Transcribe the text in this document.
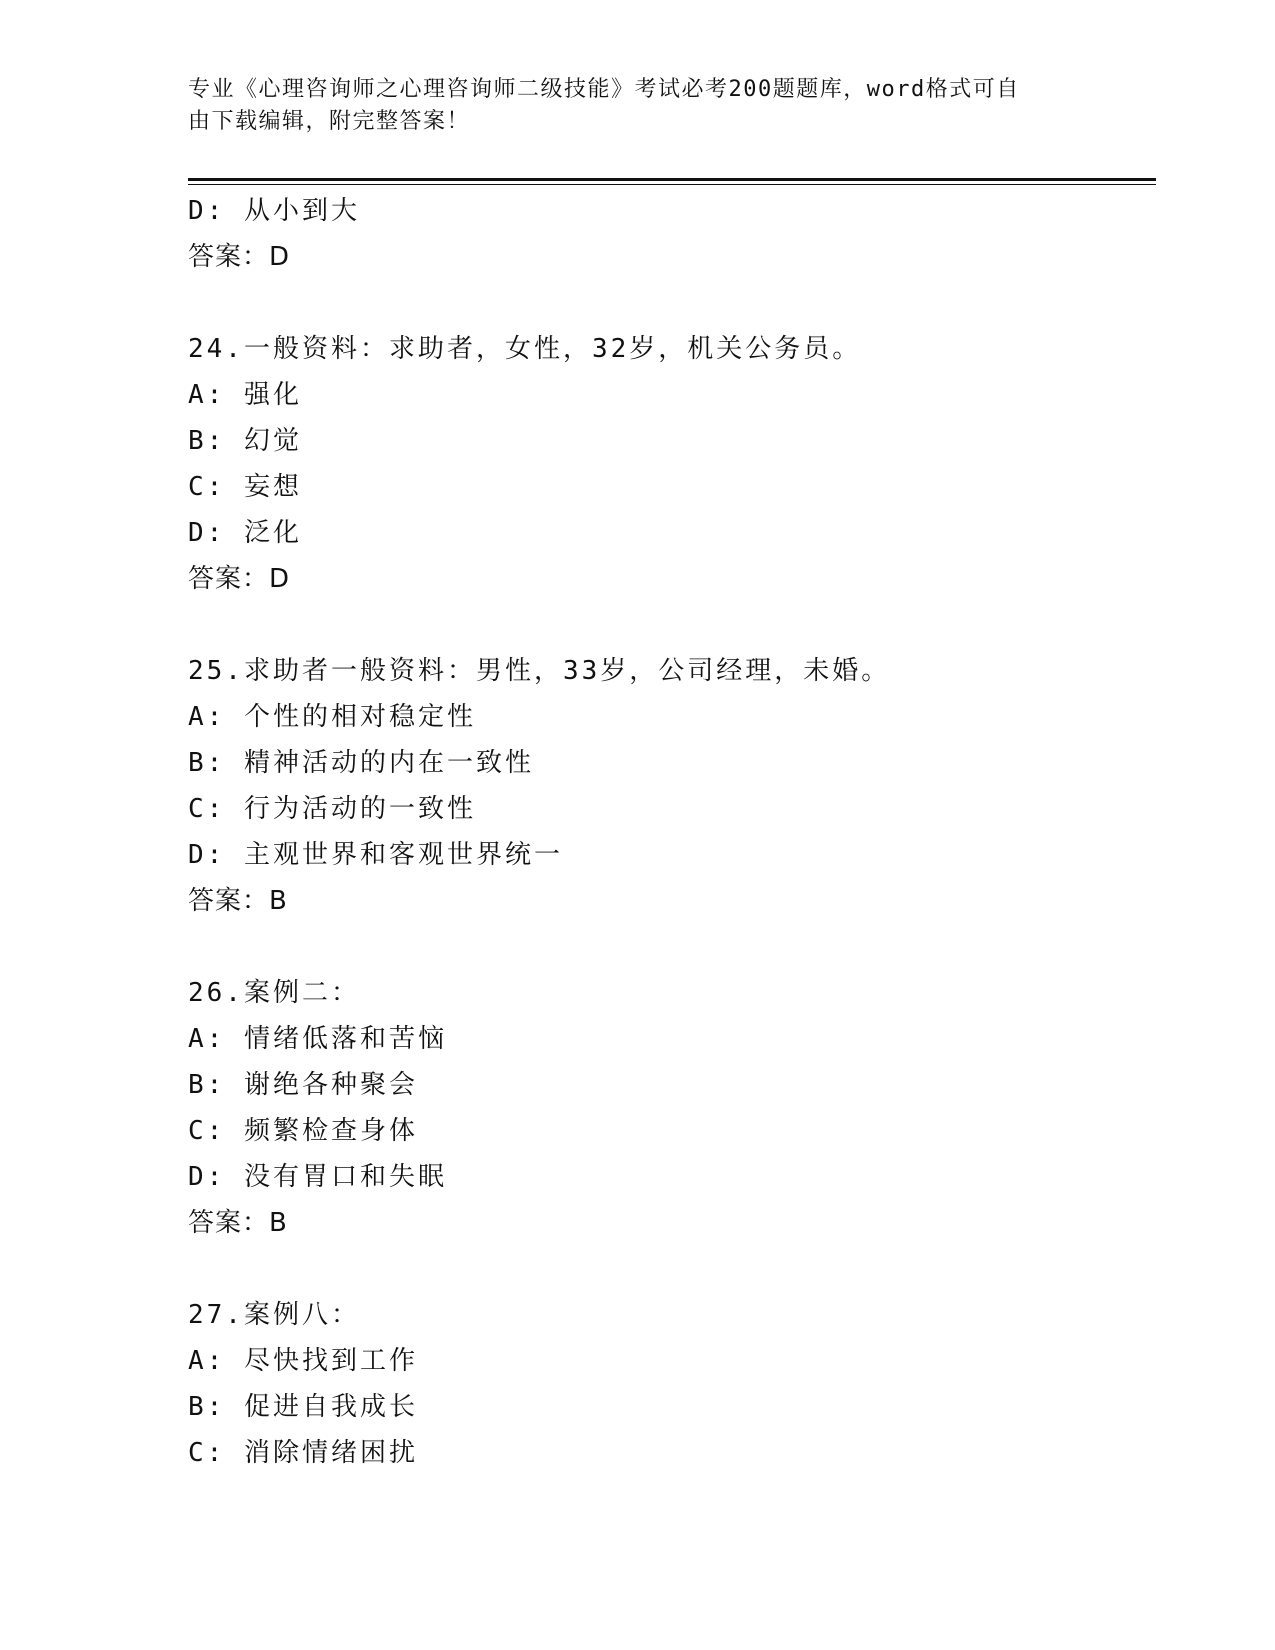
专业《心理咨询师之心理咨询师二级技能》考试必考200题题库，word格式可自
由下载编辑，附完整答案！
D: 从小到大
答案：D
24.一般资料：求助者，女性，32岁，机关公务员。
A: 强化
B: 幻觉
C: 妄想
D: 泛化
答案：D
25.求助者一般资料：男性，33岁，公司经理，未婚。
A: 个性的相对稳定性
B: 精神活动的内在一致性
C: 行为活动的一致性
D: 主观世界和客观世界统一
答案：B
26.案例二：
A: 情绪低落和苦恼
B: 谢绝各种聚会
C: 频繁检查身体
D: 没有胃口和失眠
答案：B
27.案例八：
A: 尽快找到工作
B: 促进自我成长
C: 消除情绪困扰
